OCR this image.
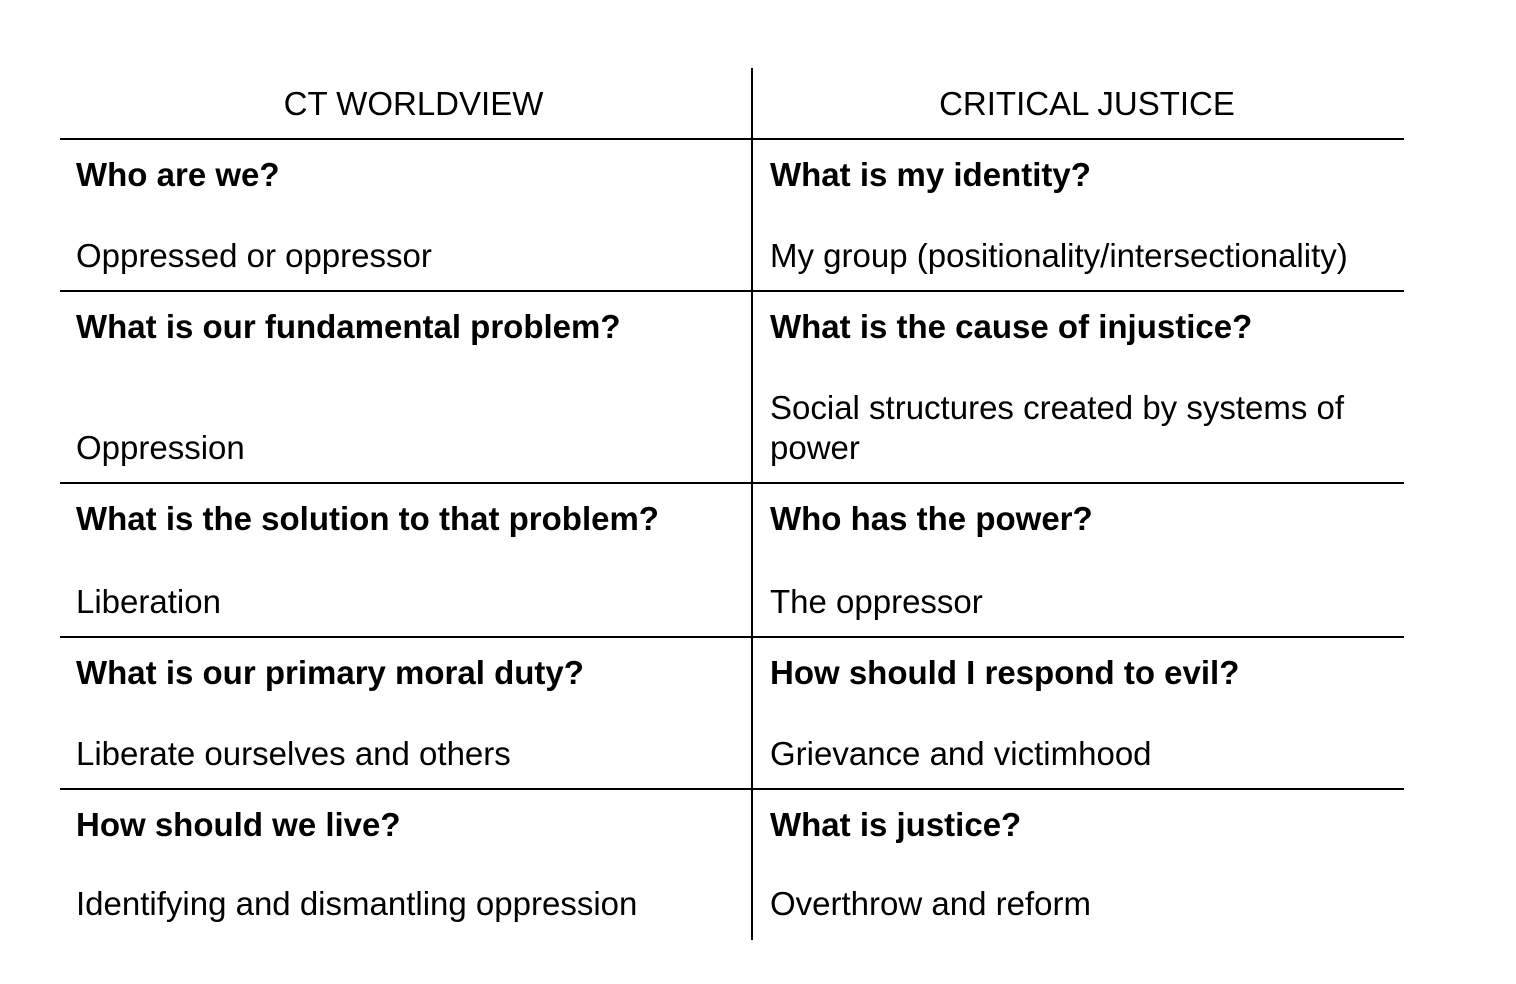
CT WORLDVIEW	CRITICAL JUSTICE
Who are we?
Oppressed or oppressor
What is my identity?
My group (positionality/intersectionality)
What is our fundamental problem?
Oppression
What is the cause of injustice?
Social structures created by systems of power
What is the solution to that problem?
Liberation
Who has the power?
The oppressor
What is our primary moral duty?
Liberate ourselves and others
How should I respond to evil?
Grievance and victimhood
How should we live?
Identifying and dismantling oppression
What is justice?
Overthrow and reform
